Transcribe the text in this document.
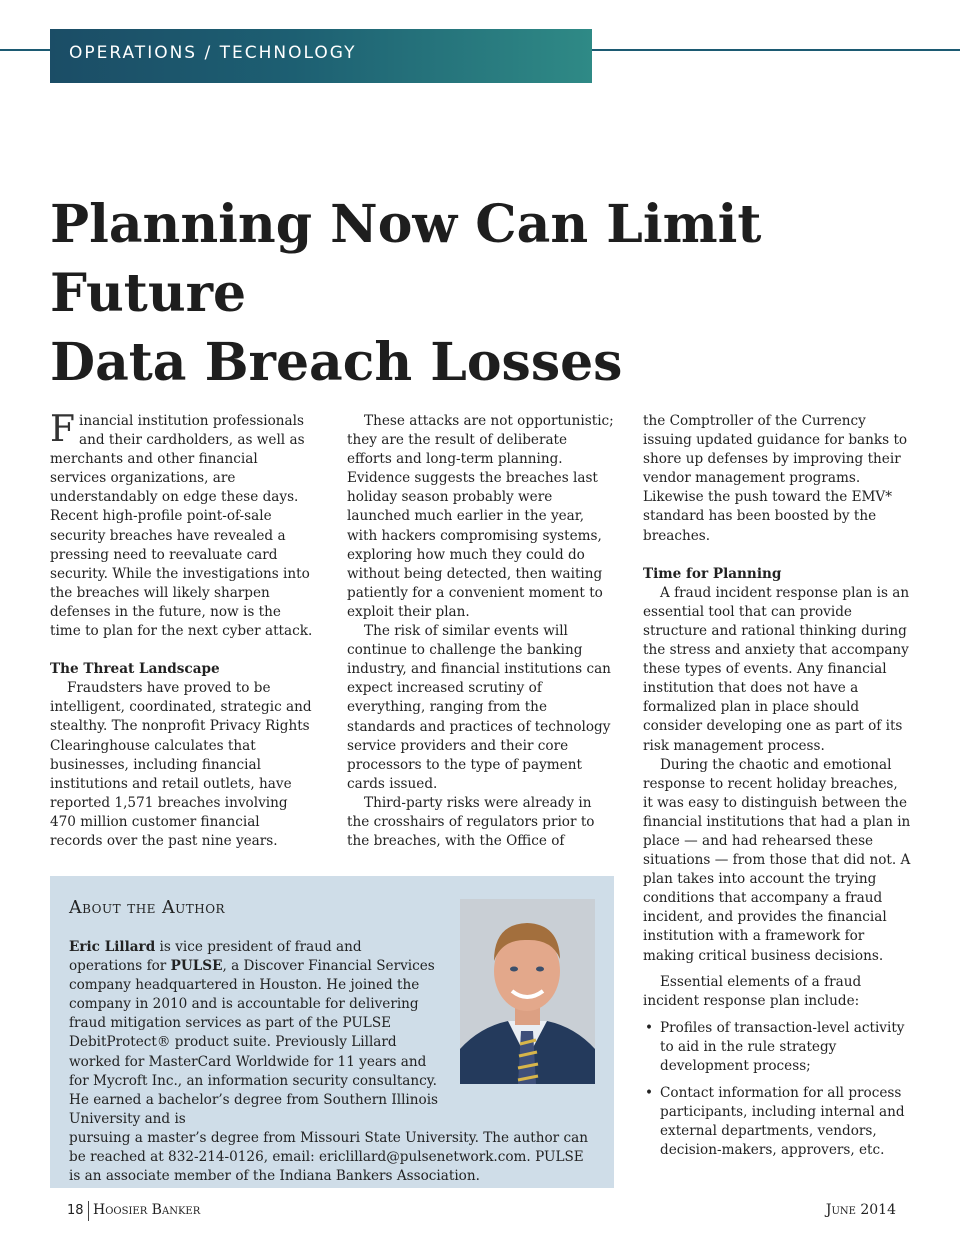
OPERATIONS / TECHNOLOGY
Planning Now Can Limit Future
Data Breach Losses

Financial institution professionals and their cardholders, as well as merchants and other financial services organizations, are understandably on edge these days. Recent high-profile point-of-sale security breaches have revealed a pressing need to reevaluate card security. While the investigations into the breaches will likely sharpen defenses in the future, now is the time to plan for the next cyber attack.

The Threat Landscape

Fraudsters have proved to be intelligent, coordinated, strategic and stealthy. The nonprofit Privacy Rights Clearinghouse calculates that businesses, including financial institutions and retail outlets, have reported 1,571 breaches involving 470 million customer financial records over the past nine years.

These attacks are not opportunistic; they are the result of deliberate efforts and long-term planning. Evidence suggests the breaches last holiday season probably were launched much earlier in the year, with hackers compromising systems, exploring how much they could do without being detected, then waiting patiently for a convenient moment to exploit their plan.

The risk of similar events will continue to challenge the banking industry, and financial institutions can expect increased scrutiny of everything, ranging from the standards and practices of technology service providers and their core processors to the type of payment cards issued.

Third-party risks were already in the crosshairs of regulators prior to the breaches, with the Office of

the Comptroller of the Currency issuing updated guidance for banks to shore up defenses by improving their vendor management programs. Likewise the push toward the EMV* standard has been boosted by the breaches.

Time for Planning

A fraud incident response plan is an essential tool that can provide structure and rational thinking during the stress and anxiety that accompany these types of events. Any financial institution that does not have a formalized plan in place should consider developing one as part of its risk management process.

During the chaotic and emotional response to recent holiday breaches, it was easy to distinguish between the financial institutions that had a plan in place — and had rehearsed these situations — from those that did not. A plan takes into account the trying conditions that accompany a fraud incident, and provides the financial institution with a framework for making critical business decisions.

Essential elements of a fraud incident response plan include:

• Profiles of transaction-level activity to aid in the rule strategy development process;
• Contact information for all process participants, including internal and external departments, vendors, decision-makers, approvers, etc.
About the Author

Eric Lillard is vice president of fraud and operations for PULSE, a Discover Financial Services company headquartered in Houston. He joined the company in 2010 and is accountable for delivering fraud mitigation services as part of the PULSE DebitProtect® product suite. Previously Lillard worked for MasterCard Worldwide for 11 years and for Mycroft Inc., an information security consultancy. He earned a bachelor’s degree from Southern Illinois University and is
pursuing a master’s degree from Missouri State University. The author can be reached at 832-214-0126, email: ericlillard@pulsenetwork.com. PULSE is an associate member of the Indiana Bankers Association.

18 Hoosier Banker	June 2014
